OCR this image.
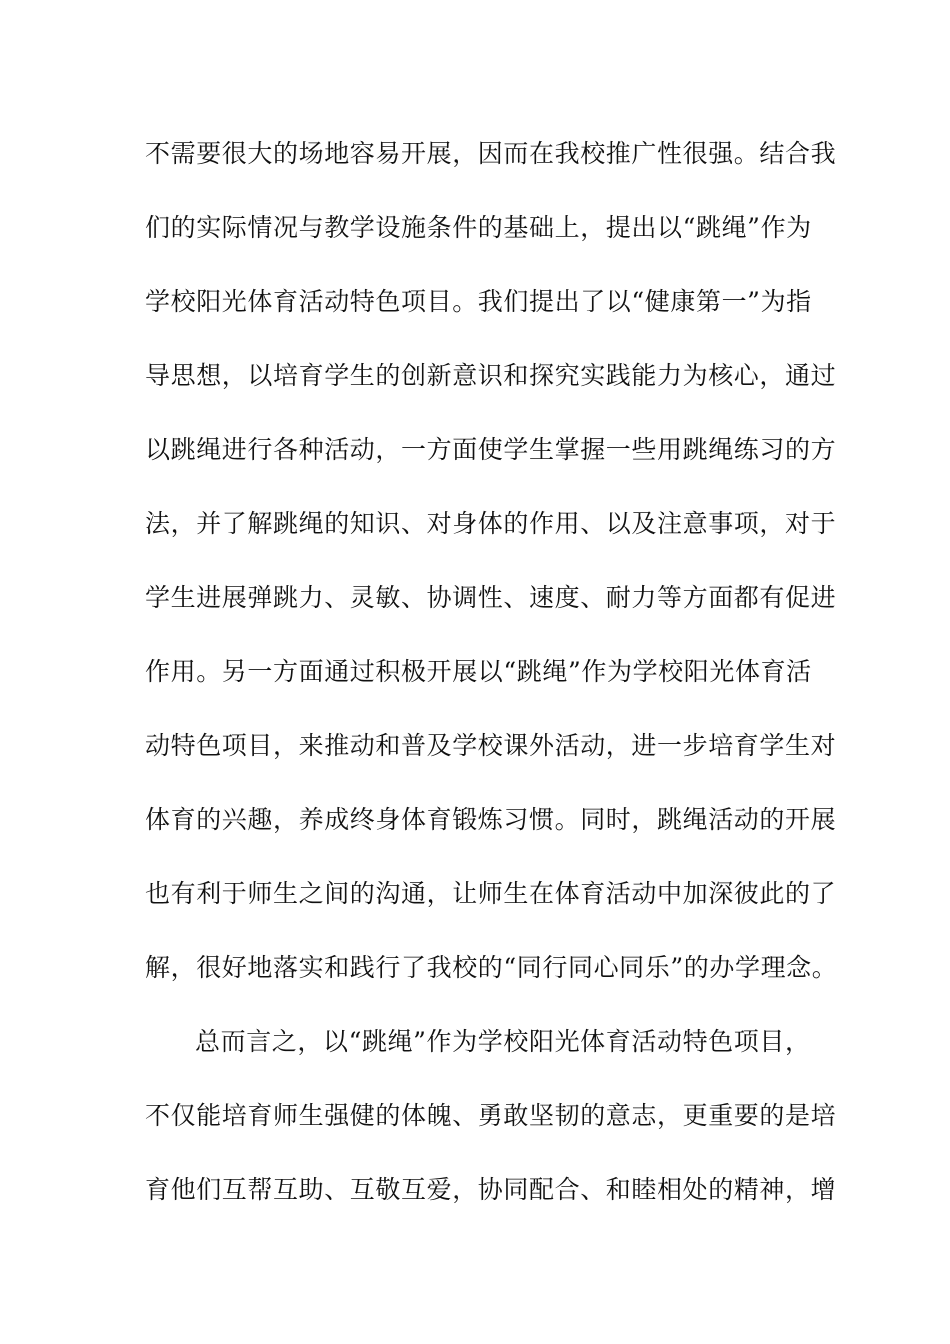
不需要很大的场地容易开展，因而在我校推广性很强。结合我
们的实际情况与教学设施条件的基础上，提出以“跳绳”作为
学校阳光体育活动特色项目。我们提出了以“健康第一”为指
导思想，以培育学生的创新意识和探究实践能力为核心，通过
以跳绳进行各种活动，一方面使学生掌握一些用跳绳练习的方
法，并了解跳绳的知识、对身体的作用、以及注意事项，对于
学生进展弹跳力、灵敏、协调性、速度、耐力等方面都有促进
作用。另一方面通过积极开展以“跳绳”作为学校阳光体育活
动特色项目，来推动和普及学校课外活动，进一步培育学生对
体育的兴趣，养成终身体育锻炼习惯。同时，跳绳活动的开展
也有利于师生之间的沟通，让师生在体育活动中加深彼此的了
解，很好地落实和践行了我校的“同行同心同乐”的办学理念。
总而言之，以“跳绳”作为学校阳光体育活动特色项目，
不仅能培育师生强健的体魄、勇敢坚韧的意志，更重要的是培
育他们互帮互助、互敬互爱，协同配合、和睦相处的精神，增
